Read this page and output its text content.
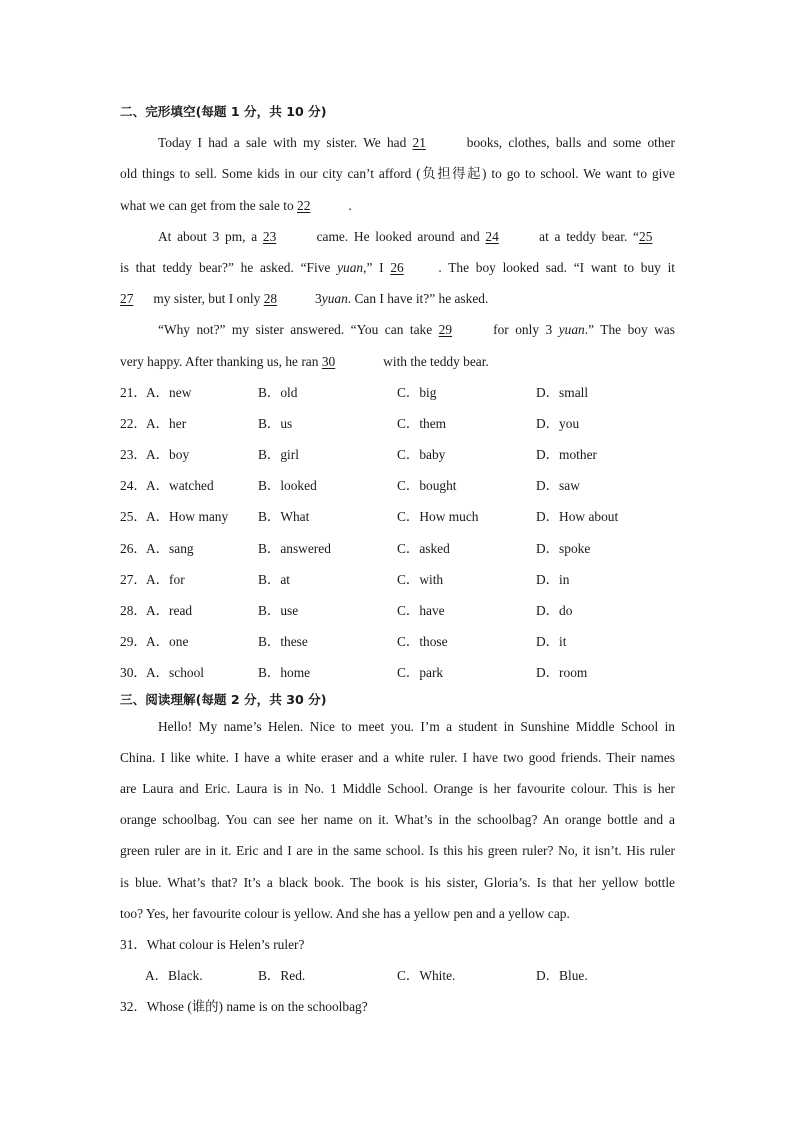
二、完形填空(每题 1 分，共 10 分)
Today I had a sale with my sister. We had 21	books, clothes, balls and some other
old things to sell. Some kids in our city can’t afford (负担得起) to go to school. We want to give
what we can get from the sale to 22	.
At about 3 pm, a 23	came. He looked around and 24	at a teddy bear. “25
is that teddy bear?” he asked. “Five yuan,” I 26	. The boy looked sad. “I want to buy it
27 my sister, but I only 28	3yuan. Can I have it?” he asked.
“Why not?” my sister answered. “You can take 29	for only 3 yuan.” The boy was
very happy. After thanking us, he ran 30	with the teddy bear.
21． A．new	B．old	C．big	D．small
22． A．her	B．us	C．them	D．you
23． A．boy	B．girl	C．baby	D．mother
24． A．watched	B．looked	C．bought	D．saw
25． A．How many	B．What	C．How much	D．How about
26． A．sang	B．answered	C．asked	D．spoke
27． A．for	B．at	C．with	D．in
28． A．read	B．use	C．have	D．do
29． A．one	B．these	C．those	D．it
30． A．school	B．home	C．park	D．room
三、阅读理解(每题 2 分，共 30 分)
Hello! My name’s Helen. Nice to meet you. I’m a student in Sunshine Middle School in
China. I like white. I have a white eraser and a white ruler. I have two good friends. Their names
are Laura and Eric. Laura is in No. 1 Middle School. Orange is her favourite colour. This is her
orange schoolbag. You can see her name on it. What’s in the schoolbag? An orange bottle and a
green ruler are in it. Eric and I are in the same school. Is this his green ruler? No, it isn’t. His ruler
is blue. What’s that? It’s a black book. The book is his sister, Gloria’s. Is that her yellow bottle
too? Yes, her favourite colour is yellow. And she has a yellow pen and a yellow cap.
31．What colour is Helen’s ruler?
A．Black.	B．Red.	C．White.	D．Blue.
32．Whose (谁的) name is on the schoolbag?
